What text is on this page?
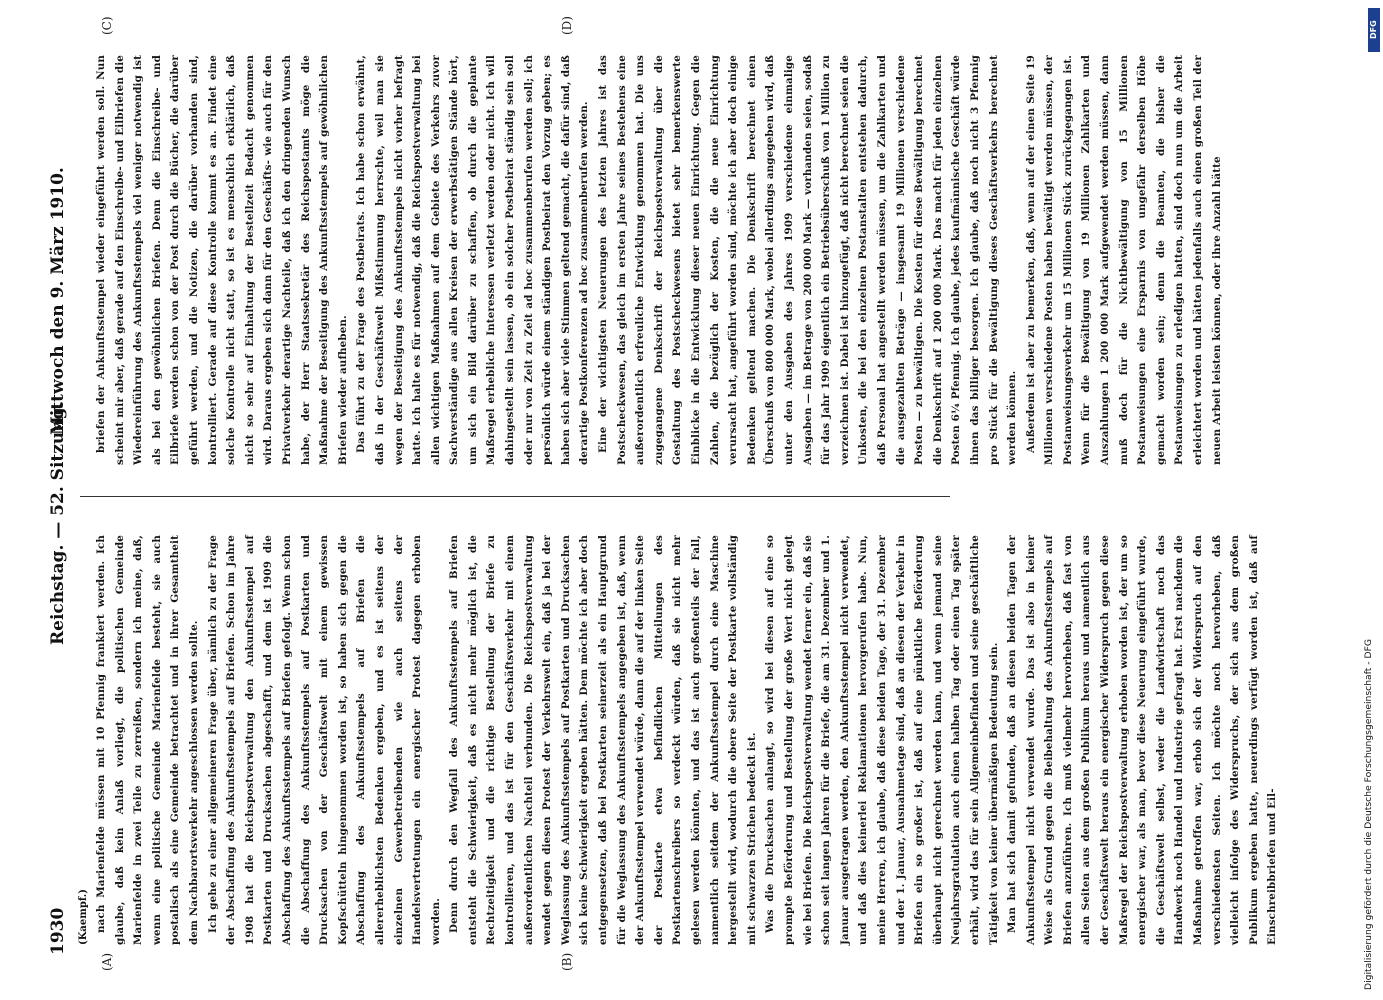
1930
Reichstag. — 52. Sitzung.
Mittwoch den 9. März 1910.
(Kaempf.)
(A)	(B)
(C)	(D)

nach Marienfelde müssen mit 10 Pfennig frankiert werden. Ich glaube, daß kein Anlaß vorliegt, die politischen Gemeinde Marienfelde in zwei Teile zu zerreißen, sondern ich meine, daß, wenn eine politische Gemeinde Marienfelde besteht, sie auch postalisch als eine Gemeinde betrachtet und in ihrer Gesamtheit dem Nachbarortsverkehr angeschlossen werden sollte. Ich gehe zu einer allgemeineren Frage über, nämlich zu der Frage der Abschaffung des Ankunftsstempels auf Briefen. Schon im Jahre 1908 hat die Reichspostverwaltung den Ankunftsstempel auf Postkarten und Drucksachen abgeschafft, und dem ist 1909 die Abschaffung des Ankunftsstempels auf Briefen gefolgt. Wenn schon die Abschaffung des Ankunftsstempels auf Postkarten und Drucksachen von der Geschäftswelt mit einem gewissen Kopfschütteln hingenommen worden ist, so haben sich gegen die Abschaffung des Ankunftsstempels auf Briefen die allererheblichsten Bedenken ergeben, und es ist seitens der einzelnen Gewerbetreibenden wie auch seitens der Handelsvertretungen ein energischer Protest dagegen erhoben worden. Denn durch den Wegfall des Ankunftsstempels auf Briefen entsteht die Schwierigkeit, daß es nicht mehr möglich ist, die Rechtzeitigkeit und die richtige Bestellung der Briefe zu kontrollieren, und das ist für den Geschäftsverkehr mit einem außerordentlichen Nachteil verbunden. Die Reichspostverwaltung wendet gegen diesen Protest der Verkehrswelt ein, daß ja bei der Weglassung des Ankunftsstempels auf Postkarten und Drucksachen sich keine Schwierigkeit ergeben hätten. Dem möchte ich aber doch entgegensetzen, daß bei Postkarten seinerzeit als ein Hauptgrund für die Weglassung des Ankunftsstempels angegeben ist, daß, wenn der Ankunftsstempel verwendet würde, dann die auf der linken Seite der Postkarte etwa befindlichen Mitteilungen des Postkartenschreibers so verdeckt würden, daß sie nicht mehr gelesen werden könnten, und das ist auch großenteils der Fall, namentlich seitdem der Ankunftsstempel durch eine Maschine hergestellt wird, wodurch die obere Seite der Postkarte vollständig mit schwarzen Strichen bedeckt ist. Was die Drucksachen anlangt, so wird bei diesen auf eine so prompte Beförderung und Bestellung der große Wert nicht gelegt wie bei Briefen. Die Reichspostverwaltung wendet ferner ein, daß sie schon seit langen Jahren für die Briefe, die am 31. Dezember und 1. Januar ausgetragen werden, den Ankunftsstempel nicht verwendet, und daß dies keinerlei Reklamationen hervorgerufen habe. Nun, meine Herren, ich glaube, daß diese beiden Tage, der 31. Dezember und der 1. Januar, Ausnahmetage sind, daß an diesen der Verkehr in Briefen ein so großer ist, daß auf eine pünktliche Beförderung überhaupt nicht gerechnet werden kann, und wenn jemand seine Neujahrsgratulation auch einen halben Tag oder einen Tag später erhält, wird das für sein Allgemeinbefinden und seine geschäftliche Tätigkeit von keiner übermäßigen Bedeutung sein. Man hat sich damit gefunden, daß an diesen beiden Tagen der Ankunftsstempel nicht verwendet wurde. Das ist also in keiner Weise als Grund gegen die Beibehaltung des Ankunftsstempels auf Briefen anzuführen. Ich muß vielmehr hervorheben, daß fast von allen Seiten aus dem großen Publikum heraus und namentlich aus der Geschäftswelt heraus ein energischer Widerspruch gegen diese Maßregel der Reichspostverwaltung erhoben worden ist, der um so energischer war, als man, bevor diese Neuerung eingeführt wurde, die Geschäftswelt selbst, weder die Landwirtschaft noch das Handwerk noch Handel und Industrie gefragt hat. Erst nachdem die Maßnahme getroffen war, erhob sich der Widerspruch auf den verschiedensten Seiten. Ich möchte noch hervorheben, daß vielleicht infolge des Widerspruchs, der sich aus dem großen Publikum ergeben hatte, neuerdings verfügt worden ist, daß auf Einschreibbriefen und Eil-

briefen der Ankunftsstempel wieder eingeführt werden soll. Nun scheint mir aber, daß gerade auf den Einschreibe- und Eilbriefen die Wiedereinführung des Ankunftsstempels viel weniger notwendig ist als bei den gewöhnlichen Briefen. Denn die Einschreibe- und Eilbriefe werden schon von der Post durch die Bücher, die darüber geführt werden, und die Notizen, die darüber vorhanden sind, kontrolliert. Gerade auf diese Kontrolle kommt es an. Findet eine solche Kontrolle nicht statt, so ist es menschlich erklärlich, daß nicht so sehr auf Einhaltung der Bestellzeit Bedacht genommen wird. Daraus ergeben sich dann für den Geschäfts- wie auch für den Privatverkehr derartige Nachteile, daß ich den dringenden Wunsch habe, der Herr Staatssekretär des Reichspostamts möge die Maßnahme der Beseitigung des Ankunftsstempels auf gewöhnlichen Briefen wieder aufheben. Das führt zu der Frage des Postbeirats. Ich habe schon erwähnt, daß in der Geschäftswelt Mißstimmung herrschte, weil man sie wegen der Beseitigung des Ankunftsstempels nicht vorher befragt hatte. Ich halte es für notwendig, daß die Reichspostverwaltung bei allen wichtigen Maßnahmen auf dem Gebiete des Verkehrs zuvor Sachverständige aus allen Kreisen der erwerbstätigen Stände hört, um sich ein Bild darüber zu schaffen, ob durch die geplante Maßregel erhebliche Interessen verletzt werden oder nicht. Ich will dahingestellt sein lassen, ob ein solcher Postbeirat ständig sein soll oder nur von Zeit zu Zeit ad hoc zusammenberufen werden soll; ich persönlich würde einem ständigen Postbeirat den Vorzug geben; es haben sich aber viele Stimmen geltend gemacht, die dafür sind, daß derartige Postkonferenzen ad hoc zusammenberufen werden. Eine der wichtigsten Neuerungen des letzten Jahres ist das Postscheckwesen, das gleich im ersten Jahre seines Bestehens eine außerordentlich erfreuliche Entwicklung genommen hat. Die uns zugegangene Denkschrift der Reichspostverwaltung über die Gestaltung des Postscheckwesens bietet sehr bemerkenswerte Einblicke in die Entwicklung dieser neuen Einrichtung. Gegen die Zahlen, die bezüglich der Kosten, die die neue Einrichtung verursacht hat, angeführt worden sind, möchte ich aber doch einige Bedenken geltend machen. Die Denkschrift berechnet einen Überschuß von 800 000 Mark, wobei allerdings angegeben wird, daß unter den Ausgaben des Jahres 1909 verschiedene einmalige Ausgaben — im Betrage von 200 000 Mark — vorhanden seien, sodaß für das Jahr 1909 eigentlich ein Betriebsüberschuß von 1 Million zu verzeichnen ist. Dabei ist hinzugefügt, daß nicht berechnet seien die Unkosten, die bei den einzelnen Postanstalten entstehen dadurch, daß Personal hat angestellt werden müssen, um die Zahlkarten und die ausgezahlten Beträge — insgesamt 19 Millionen verschiedene Posten — zu bewältigen. Die Kosten für diese Bewältigung berechnet die Denkschrift auf 1 200 000 Mark. Das macht für jeden einzelnen Posten 6¼ Pfennig. Ich glaube, jedes kaufmännische Geschäft würde ihnen das billiger besorgen. Ich glaube, daß noch nicht 3 Pfennig pro Stück für die Bewältigung dieses Geschäftsverkehrs berechnet werden können. Außerdem ist aber zu bemerken, daß, wenn auf der einen Seite 19 Millionen verschiedene Posten haben bewältigt werden müssen, der Postanweisungsverkehr um 15 Millionen Stück zurückgegangen ist. Wenn für die Bewältigung von 19 Millionen Zahlkarten und Auszahlungen 1 200 000 Mark aufgewendet werden müssen, dann muß doch für die Nichtbewältigung von 15 Millionen Postanweisungen eine Ersparnis von ungefähr derselben Höhe gemacht worden sein; denn die Beamten, die bisher die Postanweisungen zu erledigen hatten, sind doch nun um die Arbeit erleichtert worden und hätten jedenfalls auch einen großen Teil der neuen Arbeit leisten können, oder ihre Anzahl hätte

DFG
Digitalisierung gefördert durch die Deutsche Forschungsgemeinschaft - DFG
